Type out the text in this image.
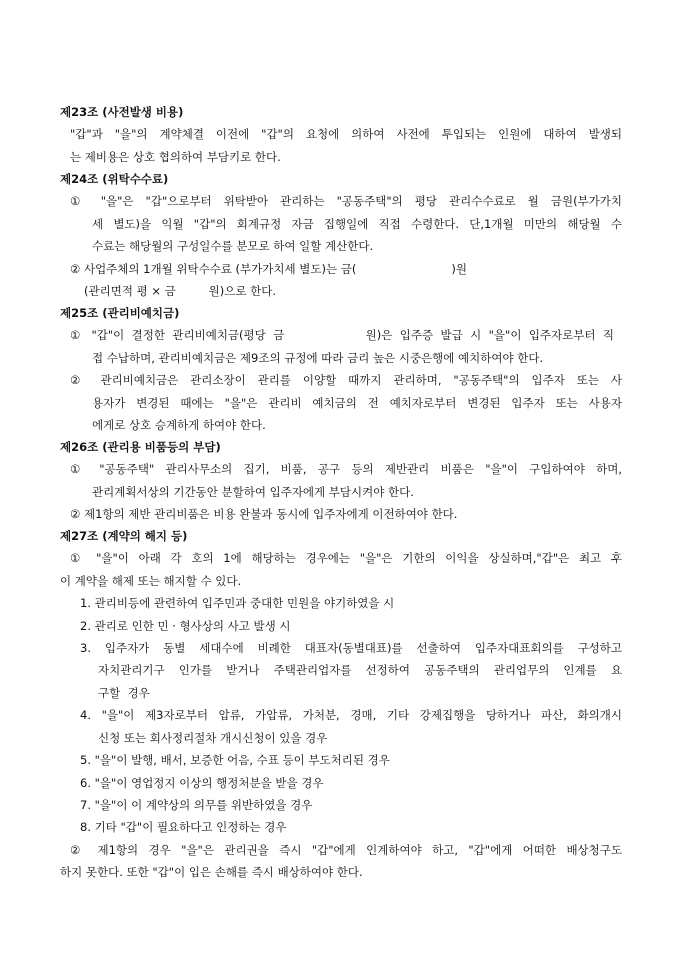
제23조 (사전발생 비용)
"갑"과 "을"의 계약체결 이전에 "갑"의 요청에 의하여 사전에 투입되는 인원에 대하여 발생되
는 제비용은 상호 협의하여 부담키로 한다.
제24조 (위탁수수료)
① "을"은 "갑"으로부터 위탁받아 관리하는 "공동주택"의 평당 관리수수료로 월 금원(부가가치
세 별도)을 익월 "갑"의 회계규정 자금 집행일에 직접 수령한다. 단,1개월 미만의 해당월 수
수료는 해당월의 구성일수를 분모로 하여 일할 계산한다.
② 사업주체의 1개월 위탁수수료 (부가가치세 별도)는 금(                          )원
(관리면적 평 × 금         원)으로 한다.
제25조 (관리비예치금)
① "갑"이 결정한 관리비예치금(평당 금           원)은 입주증 발급 시 "을"이 입주자로부터 직
접 수납하며, 관리비예치금은 제9조의 규정에 따라 금리 높은 시중은행에 예치하여야 한다.
② 관리비예치금은 관리소장이 관리를 이양할 때까지 관리하며, "공동주택"의 입주자 또는 사
용자가 변경된 때에는 "을"은 관리비 예치금의 전 예치자로부터 변경된 입주자 또는 사용자
에게로 상호 승계하게 하여야 한다.
제26조 (관리용 비품등의 부담)
① "공동주택" 관리사무소의 집기, 비품, 공구 등의 제반관리 비품은 "을"이 구입하여야 하며,
관리계획서상의 기간동안 분할하여 입주자에게 부담시켜야 한다.
② 제1항의 제반 관리비품은 비용 완불과 동시에 입주자에게 이전하여야 한다.
제27조 (계약의 해지 등)
① "을"이 아래 각 호의 1에 해당하는 경우에는 "을"은 기한의 이익을 상실하며,"갑"은 최고 후
이 계약을 해제 또는 해지할 수 있다.
1. 관리비등에 관련하여 입주민과 중대한 민원을 야기하였을 시
2. 관리로 인한 민 · 형사상의 사고 발생 시
3. 입주자가 동별 세대수에 비례한 대표자(동별대표)를 선출하여 입주자대표회의를 구성하고
자치관리기구 인가를 받거나 주택관리업자를 선정하여 공동주택의 관리업무의 인계를 요
구할  경우
4. "을"이 제3자로부터 압류, 가압류, 가처분, 경매, 기타 강제집행을 당하거나 파산, 화의개시
신청 또는 회사정리절차 개시신청이 있을 경우
5. "을"이 발행, 배서, 보증한 어음, 수표 등이 부도처리된 경우
6. "을"이 영업정지 이상의 행정처분을 받을 경우
7. "을"이 이 계약상의 의무를 위반하였을 경우
8. 기타 "갑"이 필요하다고 인정하는 경우
② 제1항의 경우 "을"은 관리권을 즉시 "갑"에게 인계하여야 하고, "갑"에게 어떠한 배상청구도
하지 못한다. 또한 "갑"이 입은 손해를 즉시 배상하여야 한다.
